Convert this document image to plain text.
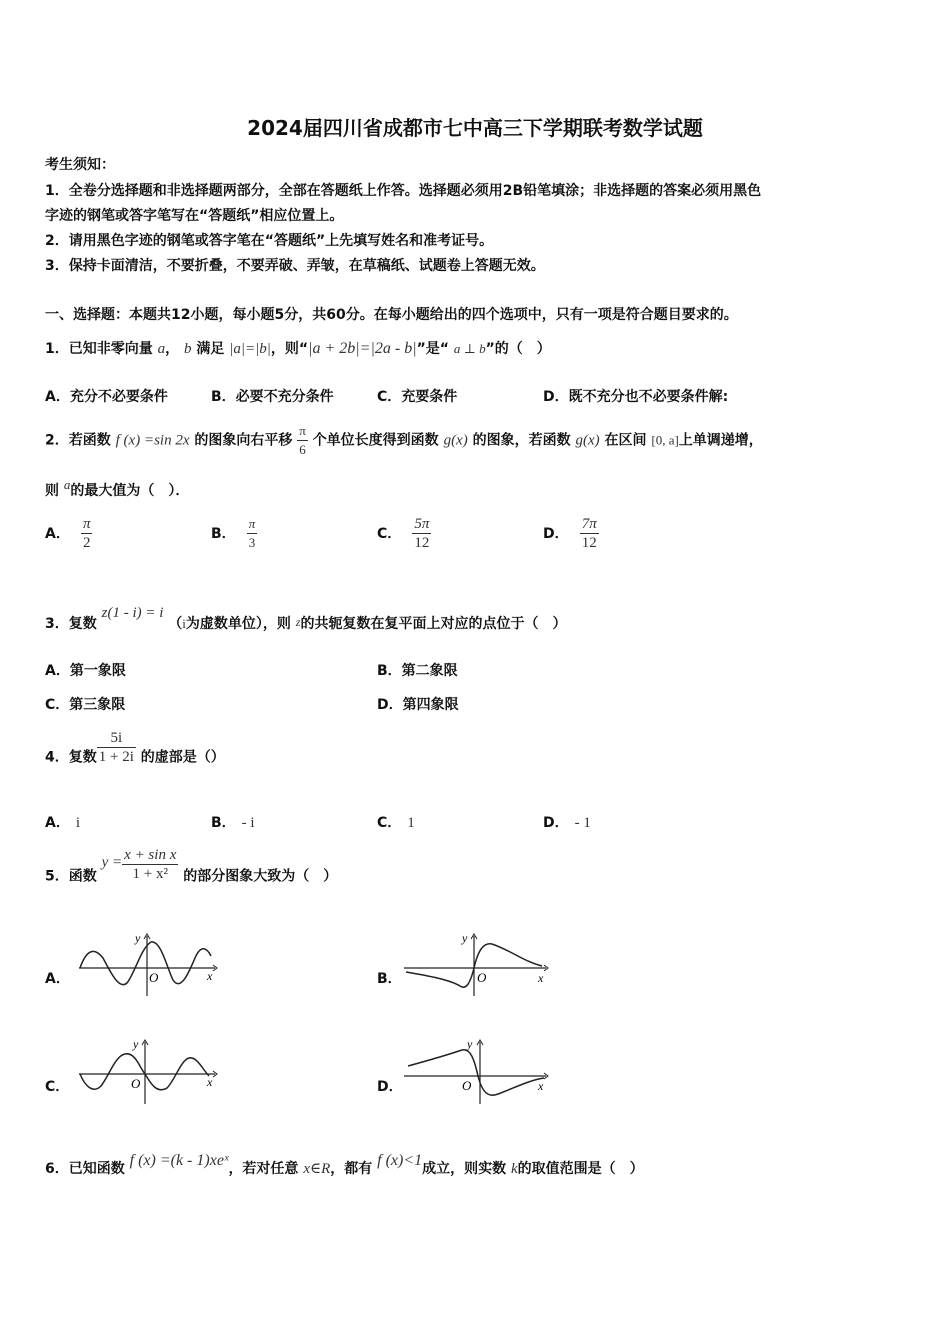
2024届四川省成都市七中高三下学期联考数学试题
考生须知：
1．全卷分选择题和非选择题两部分，全部在答题纸上作答。选择题必须用2B铅笔填涂；非选择题的答案必须用黑色
字迹的钢笔或答字笔写在“答题纸”相应位置上。
2．请用黑色字迹的钢笔或答字笔在“答题纸”上先填写姓名和准考证号。
3．保持卡面清洁，不要折叠，不要弄破、弄皱，在草稿纸、试题卷上答题无效。
一、选择题：本题共12小题，每小题5分，共60分。在每小题给出的四个选项中，只有一项是符合题目要求的。
1．已知非零向量 a， b 满足 |a|=|b|，则“|a + 2b|=|2a - b|”是“ a ⊥ b”的（　）
A．充分不必要条件	B．必要不充分条件	C．充要条件	D．既不充分也不必要条件解:
2．若函数 f (x) =sin 2x 的图象向右平移 $\frac{\pi}{6}$ 个单位长度得到函数 g(x) 的图象，若函数 g(x) 在区间 [0, a]上单调递增，
则 a的最大值为（　）．
A． $\frac{\pi}{2}$	B． $\frac{\pi}{3}$	C． $\frac{5\pi}{12}$	D． $\frac{7\pi}{12}$
3．复数 z(1 - i) = i （i为虚数单位），则 z的共轭复数在复平面上对应的点位于（　）
A．第一象限	B．第二象限
C．第三象限	D．第四象限
4．复数 $\frac{5i}{1 + 2i}$ 的虚部是（）
A． i	B． - i	C． 1	D． - 1
5．函数 $y = \frac{\text{x + sin x}}{\text{1 + x²}}$ 的部分图象大致为（　）
A．	x
y
O	B．	x
y
O
C．	x
y
O	D．	x
y
O
6．已知函数 f (x) =(k - 1)xeˣ，若对任意 x∈R，都有 f (x)<1成立，则实数 k的取值范围是（　）
